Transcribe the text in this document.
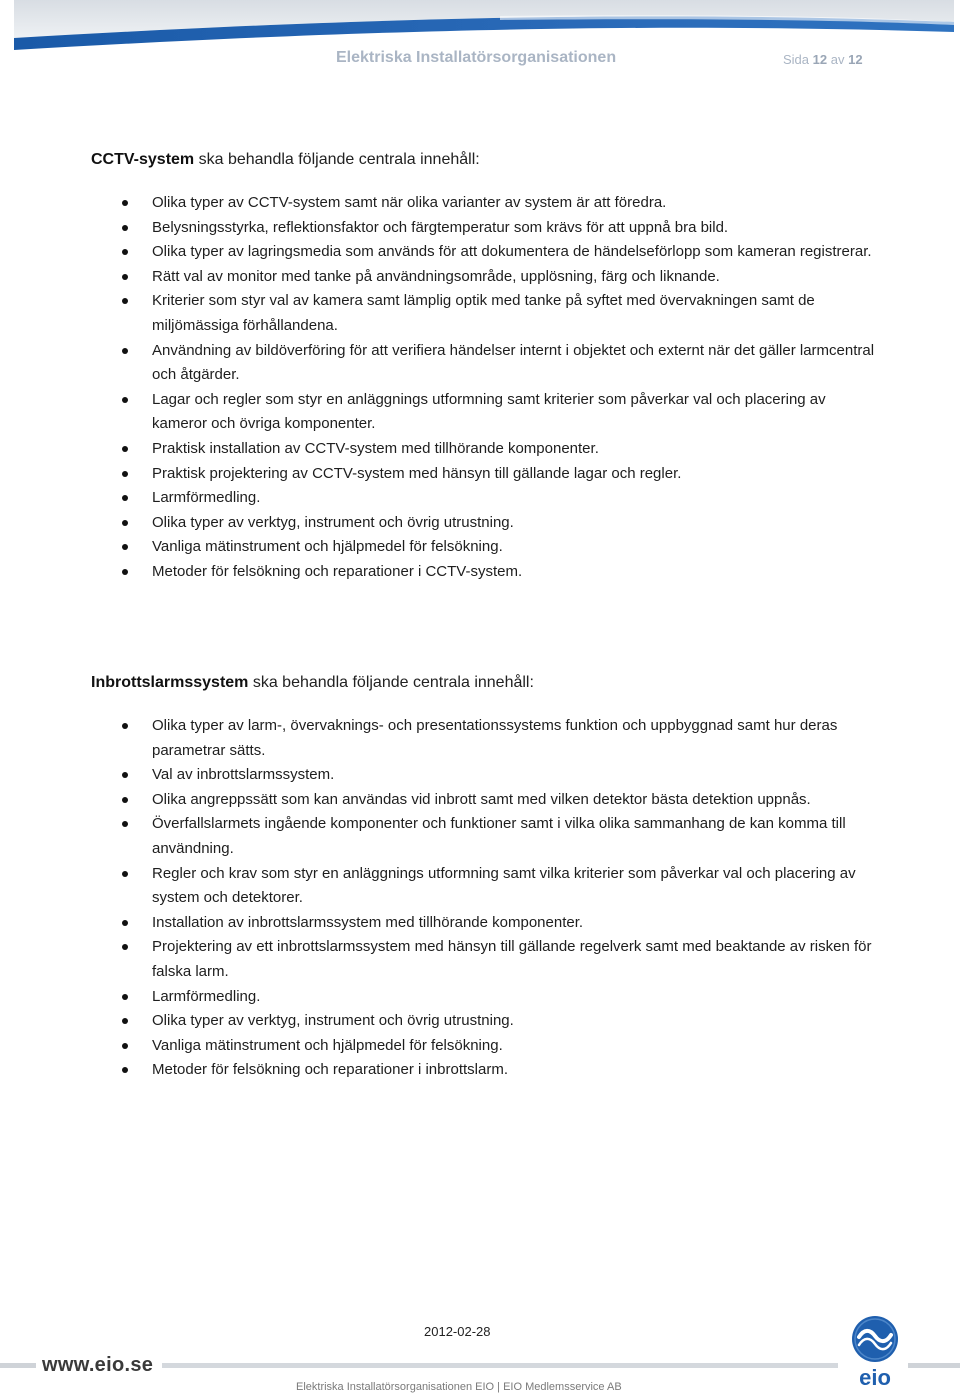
Elektriska Installatörsorganisationen	Sida 12 av 12

CCTV-system ska behandla följande centrala innehåll:

Olika typer av CCTV-system samt när olika varianter av system är att föredra.
Belysningsstyrka, reflektionsfaktor och färgtemperatur som krävs för att uppnå bra bild.
Olika typer av lagringsmedia som används för att dokumentera de händelseförlopp som kameran registrerar.
Rätt val av monitor med tanke på användningsområde, upplösning, färg och liknande.
Kriterier som styr val av kamera samt lämplig optik med tanke på syftet med övervakningen samt de miljömässiga förhållandena.
Användning av bildöverföring för att verifiera händelser internt i objektet och externt när det gäller larmcentral och åtgärder.
Lagar och regler som styr en anläggnings utformning samt kriterier som påverkar val och placering av kameror och övriga komponenter.
Praktisk installation av CCTV-system med tillhörande komponenter.
Praktisk projektering av CCTV-system med hänsyn till gällande lagar och regler.
Larmförmedling.
Olika typer av verktyg, instrument och övrig utrustning.
Vanliga mätinstrument och hjälpmedel för felsökning.
Metoder för felsökning och reparationer i CCTV-system.

Inbrottslarmssystem ska behandla följande centrala innehåll:

Olika typer av larm-, övervaknings- och presentationssystems funktion och uppbyggnad samt hur deras parametrar sätts.
Val av inbrottslarmssystem.
Olika angreppssätt som kan användas vid inbrott samt med vilken detektor bästa detektion uppnås.
Överfallslarmets ingående komponenter och funktioner samt i vilka olika sammanhang de kan komma till användning.
Regler och krav som styr en anläggnings utformning samt vilka kriterier som påverkar val och placering av system och detektorer.
Installation av inbrottslarmssystem med tillhörande komponenter.
Projektering av ett inbrottslarmssystem med hänsyn till gällande regelverk samt med beaktande av risken för falska larm.
Larmförmedling.
Olika typer av verktyg, instrument och övrig utrustning.
Vanliga mätinstrument och hjälpmedel för felsökning.
Metoder för felsökning och reparationer i inbrottslarm.
2012-02-28
www.eio.se
Elektriska Installatörsorganisationen EIO | EIO Medlemsservice AB	eio
